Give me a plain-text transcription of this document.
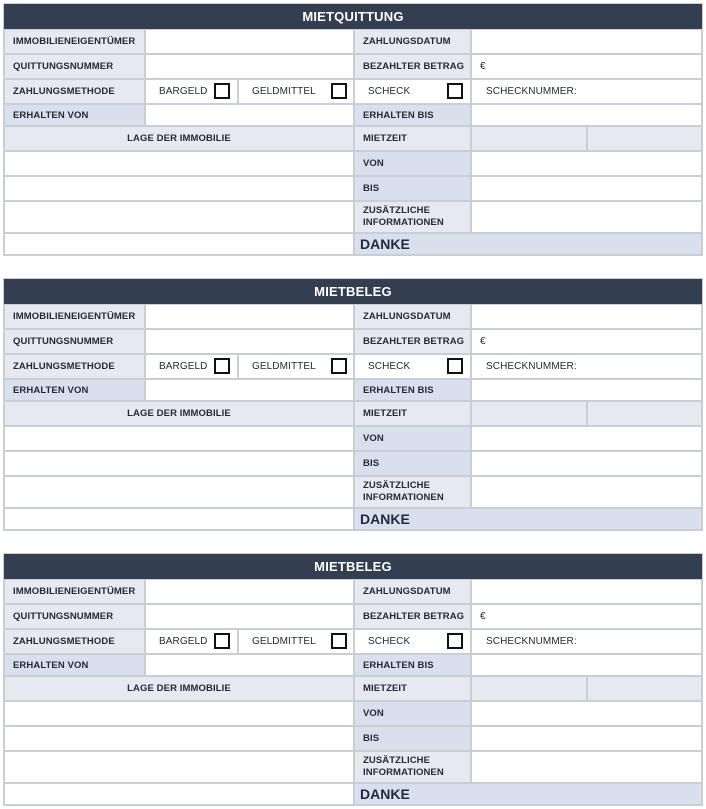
MIETQUITTUNG
IMMOBILIENEIGENTÜMER	ZAHLUNGSDATUM
QUITTUNGSNUMMER	BEZAHLTER BETRAG	€
ZAHLUNGSMETHODE	BARGELD	GELDMITTEL	SCHECK	SCHECKNUMMER:
ERHALTEN VON	ERHALTEN BIS
LAGE DER IMMOBILIE	MIETZEIT
VON
BIS
ZUSÄTZLICHE INFORMATIONEN
DANKE
MIETBELEG
IMMOBILIENEIGENTÜMER	ZAHLUNGSDATUM
QUITTUNGSNUMMER	BEZAHLTER BETRAG	€
ZAHLUNGSMETHODE	BARGELD	GELDMITTEL	SCHECK	SCHECKNUMMER:
ERHALTEN VON	ERHALTEN BIS
LAGE DER IMMOBILIE	MIETZEIT
VON
BIS
ZUSÄTZLICHE INFORMATIONEN
DANKE
MIETBELEG
IMMOBILIENEIGENTÜMER	ZAHLUNGSDATUM
QUITTUNGSNUMMER	BEZAHLTER BETRAG	€
ZAHLUNGSMETHODE	BARGELD	GELDMITTEL	SCHECK	SCHECKNUMMER:
ERHALTEN VON	ERHALTEN BIS
LAGE DER IMMOBILIE	MIETZEIT
VON
BIS
ZUSÄTZLICHE INFORMATIONEN
DANKE
